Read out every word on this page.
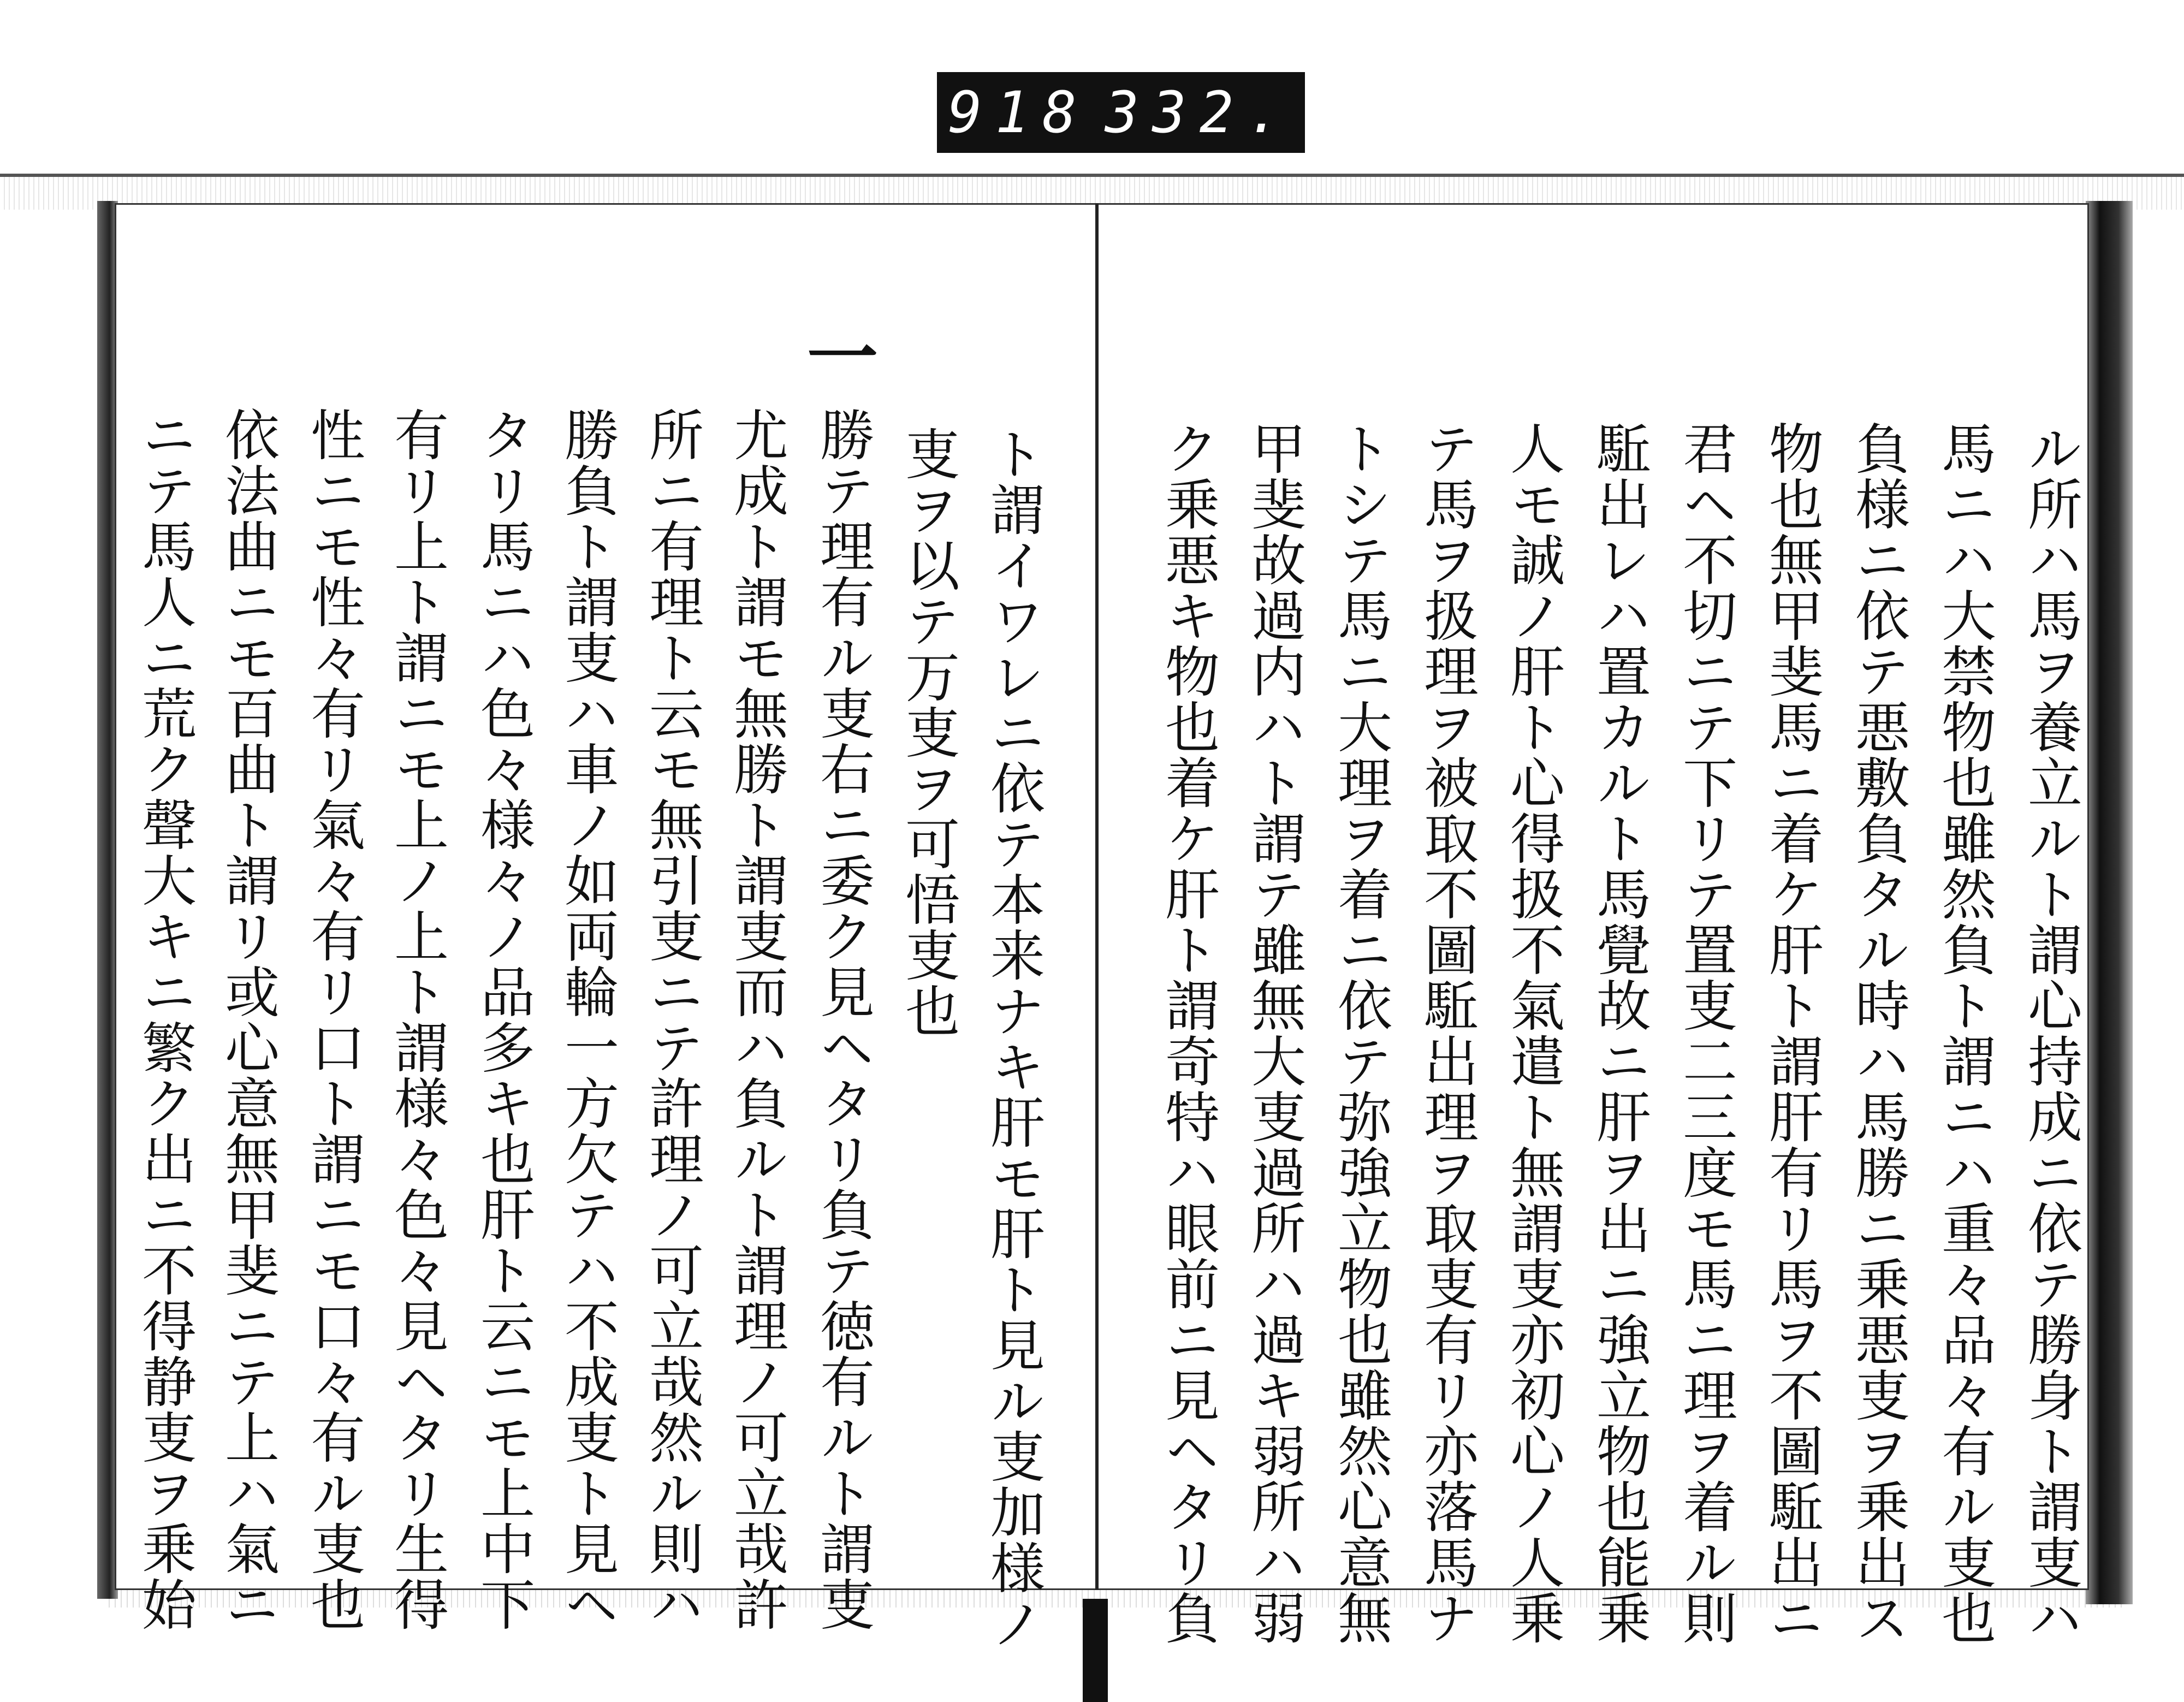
918 332.
ル所ハ馬ヲ養立ルト謂心持成ニ依テ勝身ト謂叓ハ
馬ニハ大禁物也雖然負ト謂ニハ重々品々有ル叓也
負様ニ依テ悪敷負タル時ハ馬勝ニ乗悪叓ヲ乗出ス
物也無甲斐馬ニ着ケ肝ト謂肝有リ馬ヲ不圖駈出ニ
君ヘ不切ニテ下リテ置叓二三度モ馬ニ理ヲ着ル則
駈出レハ置カルト馬覺故ニ肝ヲ出ニ強立物也能乗
人モ誠ノ肝ト心得扱不氣遣ト無謂叓亦初心ノ人乗
テ馬ヲ扱理ヲ被取不圖駈出理ヲ取叓有リ亦落馬ナ
トシテ馬ニ大理ヲ着ニ依テ弥強立物也雖然心意無
甲斐故過内ハト謂テ雖無大叓過所ハ過キ弱所ハ弱
ク乗悪キ物也着ケ肝ト謂奇特ハ眼前ニ見ヘタリ負
ト謂イワレニ依テ本来ナキ肝モ肝ト見ル叓加様ノ
叓ヲ以テ万叓ヲ可悟叓也
一
勝テ理有ル叓右ニ委ク見ヘタリ負テ徳有ルト謂叓
尤成ト謂モ無勝ト謂叓而ハ負ルト謂理ノ可立哉許
所ニ有理ト云モ無引叓ニテ許理ノ可立哉然ル則ハ
勝負ト謂叓ハ車ノ如両輪一方欠テハ不成叓ト見ヘ
タリ馬ニハ色々様々ノ品多キ也肝ト云ニモ上中下
有リ上ト謂ニモ上ノ上ト謂様々色々見ヘタリ生得
性ニモ性々有リ氣々有リ口ト謂ニモ口々有ル叓也
依法曲ニモ百曲ト謂リ或心意無甲斐ニテ上ハ氣ニ
ニテ馬人ニ荒ク聲大キニ繁ク出ニ不得静叓ヲ乗始
